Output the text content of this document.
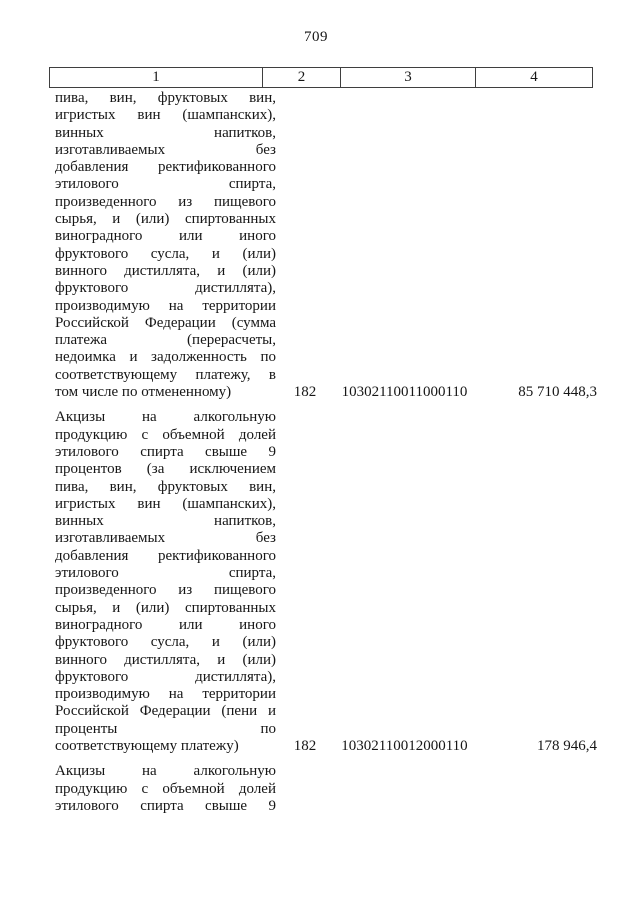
709
1	2	3	4
пива, вин, фруктовых вин,
игристых вин (шампанских),
винных напитков,
изготавливаемых без
добавления ректификованного
этилового спирта,
произведенного из пищевого
сырья, и (или) спиртованных
виноградного или иного
фруктового сусла, и (или)
винного дистиллята, и (или)
фруктового дистиллята),
производимую на территории
Российской Федерации (сумма
платежа (перерасчеты,
недоимка и задолженность по
соответствующему платежу, в
том числе по отмененному)	182	10302110011000110	85 710 448,3
Акцизы на алкогольную
продукцию с объемной долей
этилового спирта свыше 9
процентов (за исключением
пива, вин, фруктовых вин,
игристых вин (шампанских),
винных напитков,
изготавливаемых без
добавления ректификованного
этилового спирта,
произведенного из пищевого
сырья, и (или) спиртованных
виноградного или иного
фруктового сусла, и (или)
винного дистиллята, и (или)
фруктового дистиллята),
производимую на территории
Российской Федерации (пени и
проценты по
соответствующему платежу)	182	10302110012000110	178 946,4
Акцизы на алкогольную
продукцию с объемной долей
этилового спирта свыше 9
